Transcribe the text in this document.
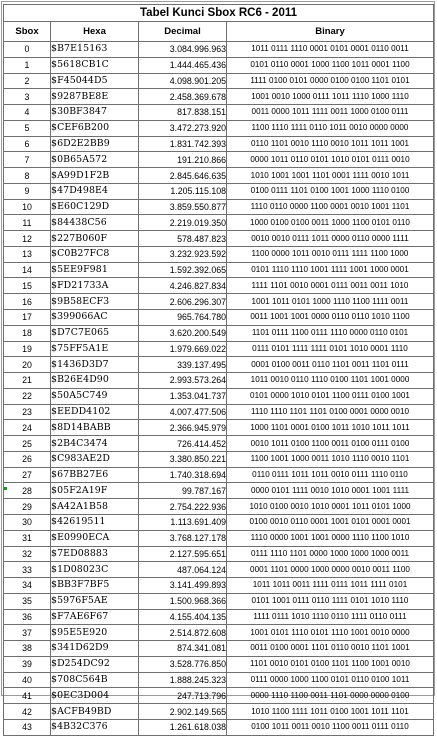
Tabel Kunci Sbox RC6 - 2011			
Sbox	Hexa	Decimal	Binary
0	$B7E15163	3.084.996.963	1011 0111 1110 0001 0101 0001 0110 0011
1	$5618CB1C	1.444.465.436	0101 0110 0001 1000 1100 1011 0001 1100
2	$F45044D5	4.098.901.205	1111 0100 0101 0000 0100 0100 1101 0101
3	$9287BE8E	2.458.369.678	1001 0010 1000 0111 1011 1110 1000 1110
4	$30BF3847	817.838.151	0011 0000 1011 1111 0011 1000 0100 0111
5	$CEF6B200	3.472.273.920	1100 1110 1111 0110 1011 0010 0000 0000
6	$6D2E2BB9	1.831.742.393	0110 1101 0010 1110 0010 1011 1011 1001
7	$0B65A572	191.210.866	0000 1011 0110 0101 1010 0101 0111 0010
8	$A99D1F2B	2.845.646.635	1010 1001 1001 1101 0001 1111 0010 1011
9	$47D498E4	1.205.115.108	0100 0111 1101 0100 1001 1000 1110 0100
10	$E60C129D	3.859.550.877	1110 0110 0000 1100 0001 0010 1001 1101
11	$84438C56	2.219.019.350	1000 0100 0100 0011 1000 1100 0101 0110
12	$227B060F	578.487.823	0010 0010 0111 1011 0000 0110 0000 1111
13	$C0B27FC8	3.232.923.592	1100 0000 1011 0010 0111 1111 1100 1000
14	$5EE9F981	1.592.392.065	0101 1110 1110 1001 1111 1001 1000 0001
15	$FD21733A	4.246.827.834	1111 1101 0010 0001 0111 0011 0011 1010
16	$9B58ECF3	2.606.296.307	1001 1011 0101 1000 1110 1100 1111 0011
17	$399066AC	965.764.780	0011 1001 1001 0000 0110 0110 1010 1100
18	$D7C7E065	3.620.200.549	1101 0111 1100 0111 1110 0000 0110 0101
19	$75FF5A1E	1.979.669.022	0111 0101 1111 1111 0101 1010 0001 1110
20	$1436D3D7	339.137.495	0001 0100 0011 0110 1101 0011 1101 0111
21	$B26E4D90	2.993.573.264	1011 0010 0110 1110 0100 1101 1001 0000
22	$50A5C749	1.353.041.737	0101 0000 1010 0101 1100 0111 0100 1001
23	$EEDD4102	4.007.477.506	1110 1110 1101 1101 0100 0001 0000 0010
24	$8D14BABB	2.366.945.979	1000 1101 0001 0100 1011 1010 1011 1011
25	$2B4C3474	726.414.452	0010 1011 0100 1100 0011 0100 0111 0100
26	$C983AE2D	3.380.850.221	1100 1001 1000 0011 1010 1110 0010 1101
27	$67BB27E6	1.740.318.694	0110 0111 1011 1011 0010 0111 1110 0110
28	$05F2A19F	99.787.167	0000 0101 1111 0010 1010 0001 1001 1111
29	$A42A1B58	2.754.222.936	1010 0100 0010 1010 0001 1011 0101 1000
30	$42619511	1.113.691.409	0100 0010 0110 0001 1001 0101 0001 0001
31	$E0990ECA	3.768.127.178	1110 0000 1001 1001 0000 1110 1100 1010
32	$7ED08883	2.127.595.651	0111 1110 1101 0000 1000 1000 1000 0011
33	$1D08023C	487.064.124	0001 1101 0000 1000 0000 0010 0011 1100
34	$BB3F7BF5	3.141.499.893	1011 1011 0011 1111 0111 1011 1111 0101
35	$5976F5AE	1.500.968.366	0101 1001 0111 0110 1111 0101 1010 1110
36	$F7AE6F67	4.155.404.135	1111 0111 1010 1110 0110 1111 0110 0111
37	$95E5E920	2.514.872.608	1001 0101 1110 0101 1110 1001 0010 0000
38	$341D62D9	874.341.081	0011 0100 0001 1101 0110 0010 1101 1001
39	$D254DC92	3.528.776.850	1101 0010 0101 0100 1101 1100 1001 0010
40	$708C564B	1.888.245.323	0111 0000 1000 1100 0101 0110 0100 1011
41	$0EC3D004	247.713.796	0000 1110 1100 0011 1101 0000 0000 0100
42	$ACFB49BD	2.902.149.565	1010 1100 1111 1011 0100 1001 1011 1101
43	$4B32C376	1.261.618.038	0100 1011 0011 0010 1100 0011 0111 0110
